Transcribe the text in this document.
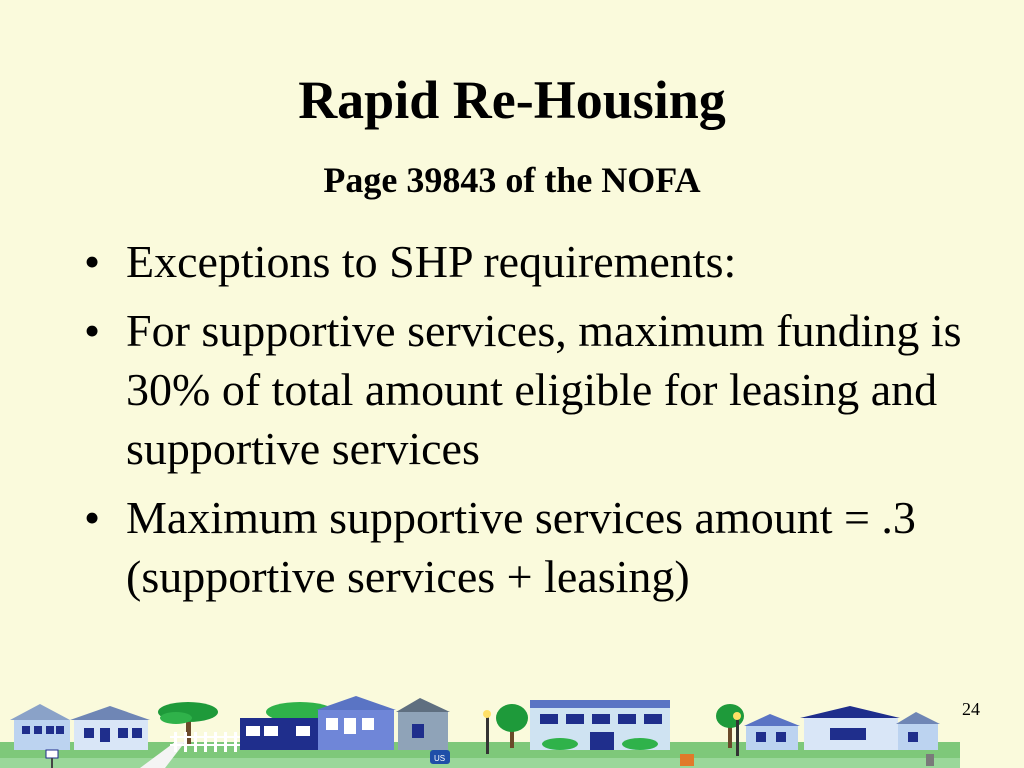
Rapid Re-Housing
Page 39843 of the NOFA
• Exceptions to SHP requirements:
• For supportive services, maximum funding is 30% of total amount eligible for leasing and supportive services
• Maximum supportive services amount = .3 (supportive services + leasing)
24
US
